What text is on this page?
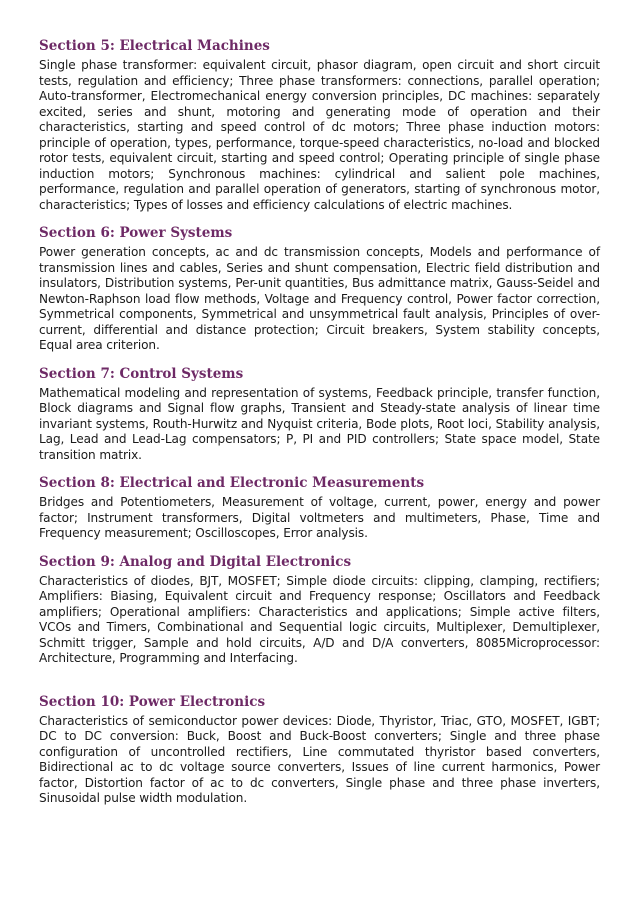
Section 5: Electrical Machines

Single phase transformer: equivalent circuit, phasor diagram, open circuit and short circuit tests, regulation and efficiency; Three phase transformers: connections, parallel operation; Auto-transformer, Electromechanical energy conversion principles, DC machines: separately excited, series and shunt, motoring and generating mode of operation and their characteristics, starting and speed control of dc motors; Three phase induction motors: principle of operation, types, performance, torque-speed characteristics, no-load and blocked rotor tests, equivalent circuit, starting and speed control; Operating principle of single phase induction motors; Synchronous machines: cylindrical and salient pole machines, performance, regulation and parallel operation of generators, starting of synchronous motor, characteristics; Types of losses and efficiency calculations of electric machines.

Section 6: Power Systems

Power generation concepts, ac and dc transmission concepts, Models and performance of transmission lines and cables, Series and shunt compensation, Electric field distribution and insulators, Distribution systems, Per-unit quantities, Bus admittance matrix, Gauss-Seidel and Newton-Raphson load flow methods, Voltage and Frequency control, Power factor correction, Symmetrical components, Symmetrical and unsymmetrical fault analysis, Principles of over-current, differential and distance protection; Circuit breakers, System stability concepts, Equal area criterion.

Section 7: Control Systems

Mathematical modeling and representation of systems, Feedback principle, transfer function, Block diagrams and Signal flow graphs, Transient and Steady-state analysis of linear time invariant systems, Routh-Hurwitz and Nyquist criteria, Bode plots, Root loci, Stability analysis, Lag, Lead and Lead-Lag compensators; P, PI and PID controllers; State space model, State transition matrix.

Section 8: Electrical and Electronic Measurements

Bridges and Potentiometers, Measurement of voltage, current, power, energy and power factor; Instrument transformers, Digital voltmeters and multimeters, Phase, Time and Frequency measurement; Oscilloscopes, Error analysis.

Section 9: Analog and Digital Electronics

Characteristics of diodes, BJT, MOSFET; Simple diode circuits: clipping, clamping, rectifiers; Amplifiers: Biasing, Equivalent circuit and Frequency response; Oscillators and Feedback amplifiers; Operational amplifiers: Characteristics and applications; Simple active filters, VCOs and Timers, Combinational and Sequential logic circuits, Multiplexer, Demultiplexer, Schmitt trigger, Sample and hold circuits, A/D and D/A converters, 8085Microprocessor: Architecture, Programming and Interfacing.

Section 10: Power Electronics

Characteristics of semiconductor power devices: Diode, Thyristor, Triac, GTO, MOSFET, IGBT; DC to DC conversion: Buck, Boost and Buck-Boost converters; Single and three phase configuration of uncontrolled rectifiers, Line commutated thyristor based converters, Bidirectional ac to dc voltage source converters, Issues of line current harmonics, Power factor, Distortion factor of ac to dc converters, Single phase and three phase inverters, Sinusoidal pulse width modulation.
